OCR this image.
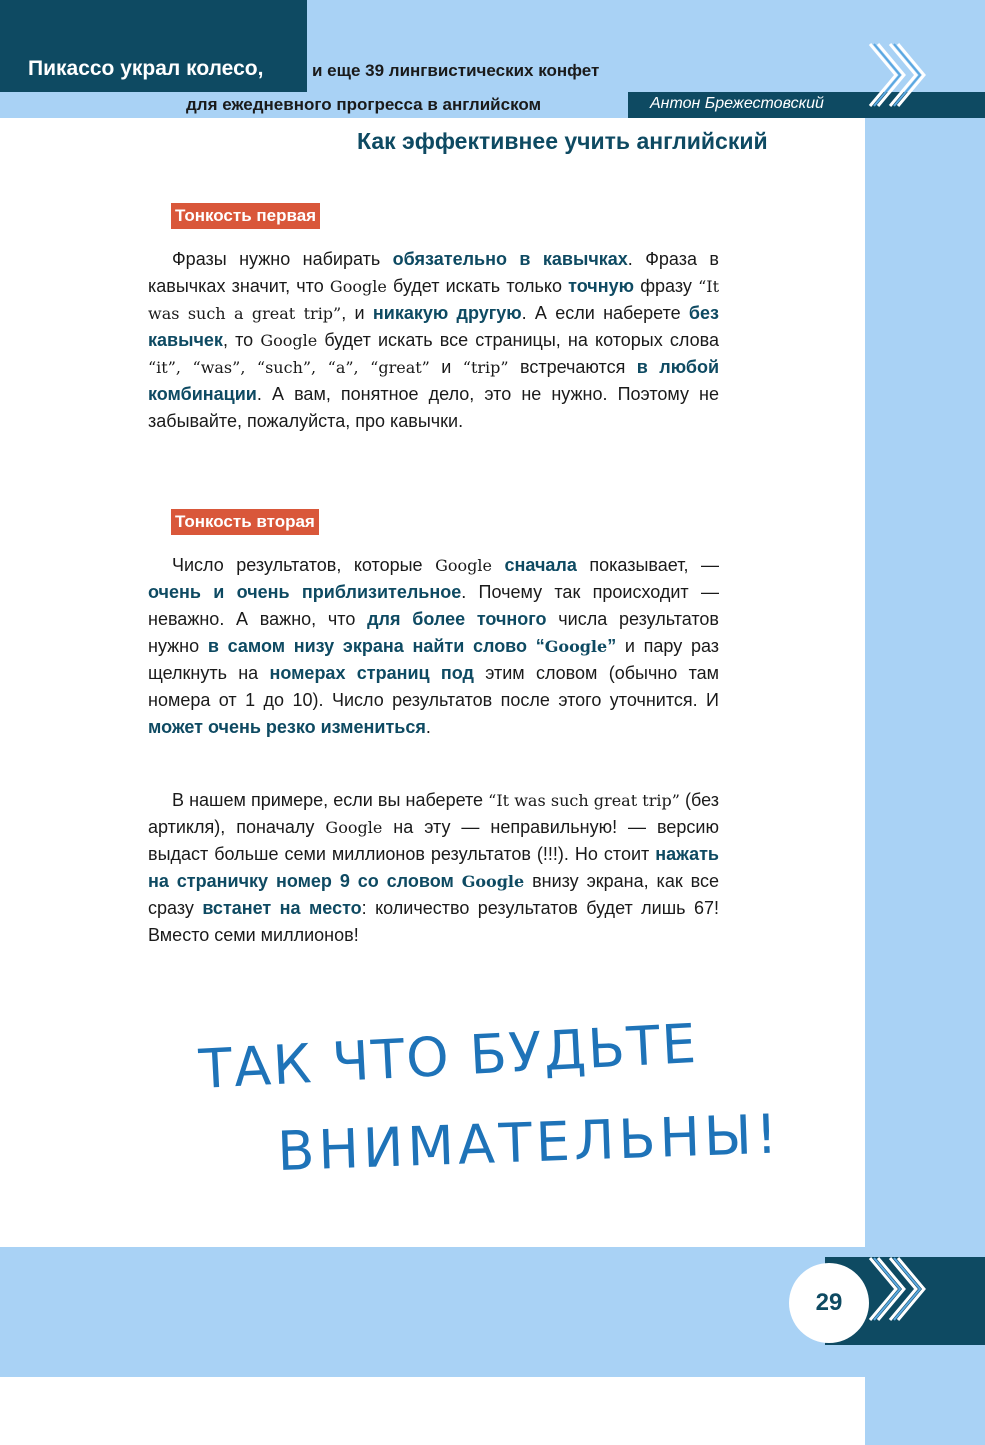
Пикассо украл колесо,	и еще 39 лингвистических конфет
для ежедневного прогресса в английском	Антон Брежестовский
Как эффективнее учить английский
Тонкость первая

Фразы нужно набирать обязательно в кавычках. Фраза в кавычках значит, что Google будет искать только точную фразу “It was such a great trip”, и никакую другую. А если наберете без кавычек, то Google будет искать все страницы, на которых слова “it”, “was”, “such”, “a”, “great” и “trip” встречаются в любой комбинации. А вам, понятное дело, это не нужно. Поэтому не забывайте, пожалуйста, про кавычки.

Тонкость вторая

Число результатов, которые Google сначала показывает, — очень и очень приблизительное. Почему так происходит — неважно. А важно, что для более точного числа результатов нужно в самом низу экрана найти слово “Google” и пару раз щелкнуть на номерах страниц под этим словом (обычно там номера от 1 до 10). Число результатов после этого уточнится. И может очень резко измениться.

В нашем примере, если вы наберете “It was such great trip” (без артикля), поначалу Google на эту — неправильную! — версию выдаст больше семи миллионов результатов (!!!). Но стоит нажать на страничку номер 9 со словом Google внизу экрана, как все сразу встанет на место: количество результатов будет лишь 67! Вместо семи миллионов!

ТАК ЧТО БУДЬТЕ
ВНИМАТЕЛЬНЫ!
29
